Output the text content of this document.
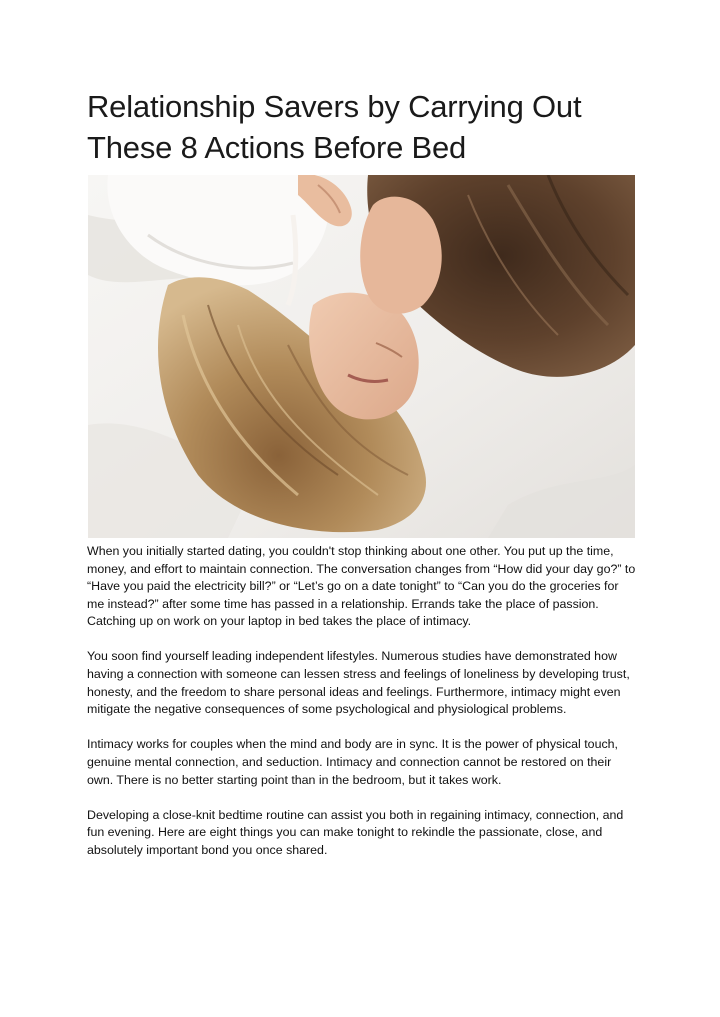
Relationship Savers by Carrying Out These 8 Actions Before Bed

When you initially started dating, you couldn't stop thinking about one other. You put up the time, money, and effort to maintain connection. The conversation changes from “How did your day go?” to “Have you paid the electricity bill?” or “Let’s go on a date tonight” to “Can you do the groceries for me instead?” after some time has passed in a relationship. Errands take the place of passion. Catching up on work on your laptop in bed takes the place of intimacy.

You soon find yourself leading independent lifestyles. Numerous studies have demonstrated how having a connection with someone can lessen stress and feelings of loneliness by developing trust, honesty, and the freedom to share personal ideas and feelings. Furthermore, intimacy might even mitigate the negative consequences of some psychological and physiological problems.

Intimacy works for couples when the mind and body are in sync. It is the power of physical touch, genuine mental connection, and seduction. Intimacy and connection cannot be restored on their own. There is no better starting point than in the bedroom, but it takes work.

Developing a close-knit bedtime routine can assist you both in regaining intimacy, connection, and fun evening. Here are eight things you can make tonight to rekindle the passionate, close, and absolutely important bond you once shared.
